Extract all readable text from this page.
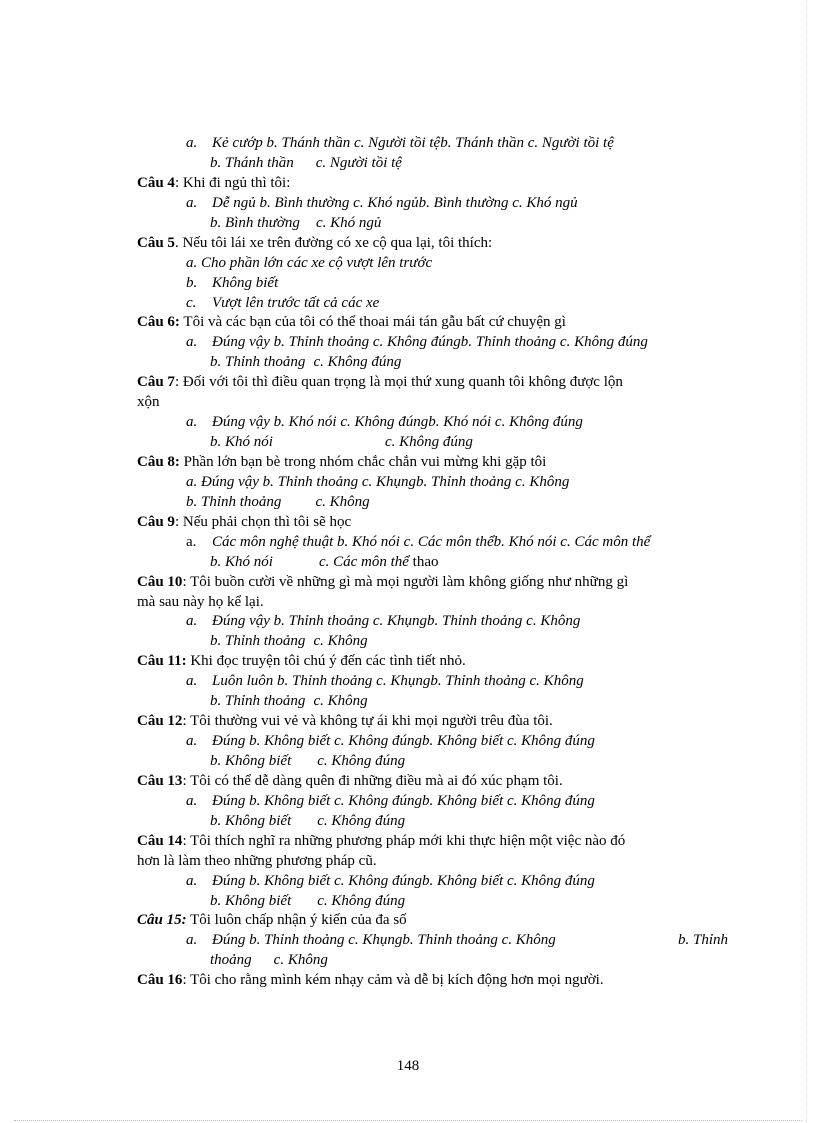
a. Kẻ cướp b. Thánh thần c. Người tồi tệb. Thánh thần c. Người tồi tệ
b. Thánh thần c. Người tồi tệ
Câu 4: Khi đi ngủ thì tôi:
a. Dễ ngủ b. Bình thường c. Khó ngủb. Bình thường c. Khó ngủ
b. Bình thường c. Khó ngủ
Câu 5. Nếu tôi lái xe trên đường có xe cộ qua lại, tôi thích:
a. Cho phần lớn các xe cộ vượt lên trước
b. Không biết
c. Vượt lên trước tất cả các xe
Câu 6: Tôi và các bạn của tôi có thể thoai mái tán gẫu bất cứ chuyện gì
a. Đúng vậy b. Thỉnh thoảng c. Không đúngb. Thỉnh thoảng c. Không đúng
b. Thỉnh thoảng c. Không đúng
Câu 7: Đối với tôi thì điều quan trọng là mọi thứ xung quanh tôi không được lộn
xộn
a. Đúng vậy b. Khó nói c. Không đúngb. Khó nói c. Không đúng
b. Khó nói	c. Không đúng
Câu 8: Phần lớn bạn bè trong nhóm chắc chắn vui mừng khi gặp tôi
a. Đúng vậy b. Thỉnh thoảng c. Khụngb. Thỉnh thoảng c. Không
b. Thỉnh thoảng c. Không
Câu 9: Nếu phải chọn thì tôi sẽ học
a. Các môn nghệ thuật b. Khó nói c. Các môn thểb. Khó nói c. Các môn thể
b. Khó nói	c. Các môn thể thao
Câu 10: Tôi buồn cười về những gì mà mọi người làm không giống như những gì
mà sau này họ kể lại.
a. Đúng vậy b. Thỉnh thoảng c. Khụngb. Thỉnh thoảng c. Không
b. Thỉnh thoảng c. Không
Câu 11: Khi đọc truyện tôi chú ý đến các tình tiết nhỏ.
a. Luôn luôn b. Thỉnh thoảng c. Khụngb. Thỉnh thoảng c. Không
b. Thỉnh thoảng c. Không
Câu 12: Tôi thường vui vẻ và không tự ái khi mọi người trêu đùa tôi.
a. Đúng b. Không biết c. Không đúngb. Không biết c. Không đúng
b. Không biết c. Không đúng
Câu 13: Tôi có thể dễ dàng quên đi những điều mà ai đó xúc phạm tôi.
a. Đúng b. Không biết c. Không đúngb. Không biết c. Không đúng
b. Không biết c. Không đúng
Câu 14: Tôi thích nghĩ ra những phương pháp mới khi thực hiện một việc nào đó
hơn là làm theo những phương pháp cũ.
a. Đúng b. Không biết c. Không đúngb. Không biết c. Không đúng
b. Không biết c. Không đúng
Câu 15: Tôi luôn chấp nhận ý kiến của đa số
a. Đúng b. Thỉnh thoảng c. Khụngb. Thỉnh thoảng c. Không	b. Thỉnh
thoảng c. Không
Câu 16: Tôi cho rằng mình kém nhạy cảm và dễ bị kích động hơn mọi người.
148
